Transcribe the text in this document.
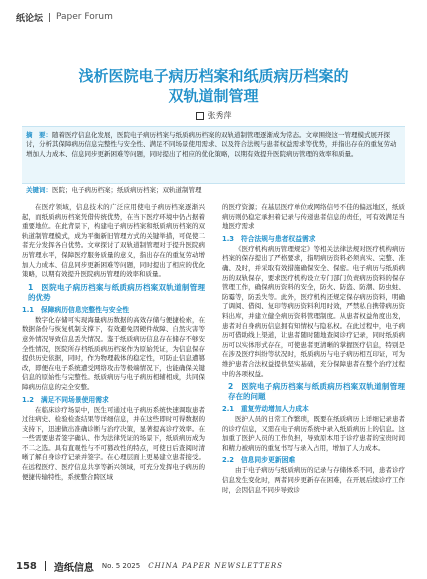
纸论坛 Paper Forum
浅析医院电子病历档案和纸质病历档案的
双轨道制管理
张秀萍
摘　要：随着医疗信息化发展，医院电子病历档案与纸质病历档案的双轨道制管理逐渐成为常态。文章围绕这一管理模式展开探讨，分析其保障病历信息完整性与安全性、满足不同场景使用需求、以及符合法规与患者权益需求等优势，并指出存在的重复劳动增加人力成本、信息同步更新困难等问题，同时提出了相应的优化策略，以期有效提升医院病历管理的效率和质量。
关键词：医院；电子病历档案；纸质病历档案；双轨道制管理

在医疗领域，信息技术的广泛应用使电子病历档案逐渐兴起，而纸质病历档案凭借传统优势，在当下医疗环境中仍占据着重要地位。在此背景下，构建电子病历档案和纸质病历档案的双轨道制管理模式，成为平衡新旧管理方式的关键举措，可促使二者充分发挥各自优势。文章探讨了双轨道制管理对于提升医院病历管理水平，保障医疗服务质量的意义，指出存在的重复劳动增加人力成本、信息同步更新困难等问题，同时提出了相应的优化策略，以期有效提升医院病历管理的效率和质量。

1　医院电子病历档案与纸质病历档案双轨道制管理的优势
1.1　保障病历信息完整性与安全性

数字化存储可实现海量病历数据的高效存储与便捷检索，在数据备份与恢复机制支撑下，有效避免因硬件故障、自然灾害等意外情况导致信息丢失情况。鉴于纸质病历信息存在储存不够安全性情况，医院所存档纸质病历档案作为原始凭证，为信息保存提供历史依据，同时，作为物理载体的稳定性，可防止信息遭篡改，即便在电子系统遭受网络攻击等极端情况下，也能确保关键信息的原始性与完整性。纸质病历与电子病历相辅相成，共同保障病历信息的完全安整。

1.2　满足不同场景使用需求

在临床诊疗场景中，医生可通过电子病历系统快速调取患者过往病史、检验检查结果等详细信息，并在这些即时可得数据的支持下，迅速做出准确诊断与治疗决策，显著提高诊疗效率。在一些需要患者签字确认、作为法律凭证的场景下，纸质病历成为不二之选。具有直观性与不可篡改性的特点，可使日后查阅时清晰了解自身诊疗记录并签字。在心理层面上更易建立患者接受。在远程医疗、医疗信息共享等新兴领域，可充分发挥电子病历的便捷传输特性，系统整合跨区域

的医疗资源；在基层医疗单位或网络信号不佳的偏远地区，纸质病历则仍稳定承担着记录与传递患者信息的责任，可有效满足当地医疗需求

1.3　符合法规与患者权益需求

《医疗机构病历管理规定》等相关法律法规对医疗机构病历档案的保存提出了严格要求，指明病历资料必须真实、完整、准确、及时，并采取有效措施确保安全、保密。电子病历与纸质病历的双轨保存，要求医疗机构设立专门部门负责病历资料的保存管理工作，确保病历资料的安全，防火、防盗、防潮、防虫蛀、防霉等，防丢失等。此外，医疗机构还规定保存病历资料，明确了调阅、借阅、复印等病历资料利用时效，严禁私自携带病历资料出库，并建立健全病历资料管理制度。从患者权益角度出发，患者对自身病历信息拥有知情权与隐私权。在此过程中，电子病历可借助线上渠道，让患者随时随地查阅诊疗记录，同时纸质病历可以实体形式存在，可使患者更清晰的掌握医疗信息，特别是在涉及医疗纠纷等状况时，纸质病历与电子病历相互印证，可为维护患者合法权益提供坚实基础，充分保障患者在整个治疗过程中的各项权益。

2　医院电子病历档案与纸质病历档案双轨道制管理存在的问题
2.1　重复劳动增加人力成本

医护人员的日常工作繁琐，既要在纸质病历上详细记录患者的诊疗信息，又需在电子病历系统中录入纸质病历上的信息。这加重了医护人员的工作负担，导致原本用于诊疗患者的宝贵时间和精力被病历的重复书写与录入占用，增加了人力成本。

2.2　信息同步更新困难

由于电子病历与纸质病历的记录与存储体系不同，患者诊疗信息发生变化时，两者同步更新存在困难，在开展后续诊疗工作时，会因信息不同步导致诊

158 造纸信息 No. 5 2025 CHINA PAPER NEWSLETTERS
